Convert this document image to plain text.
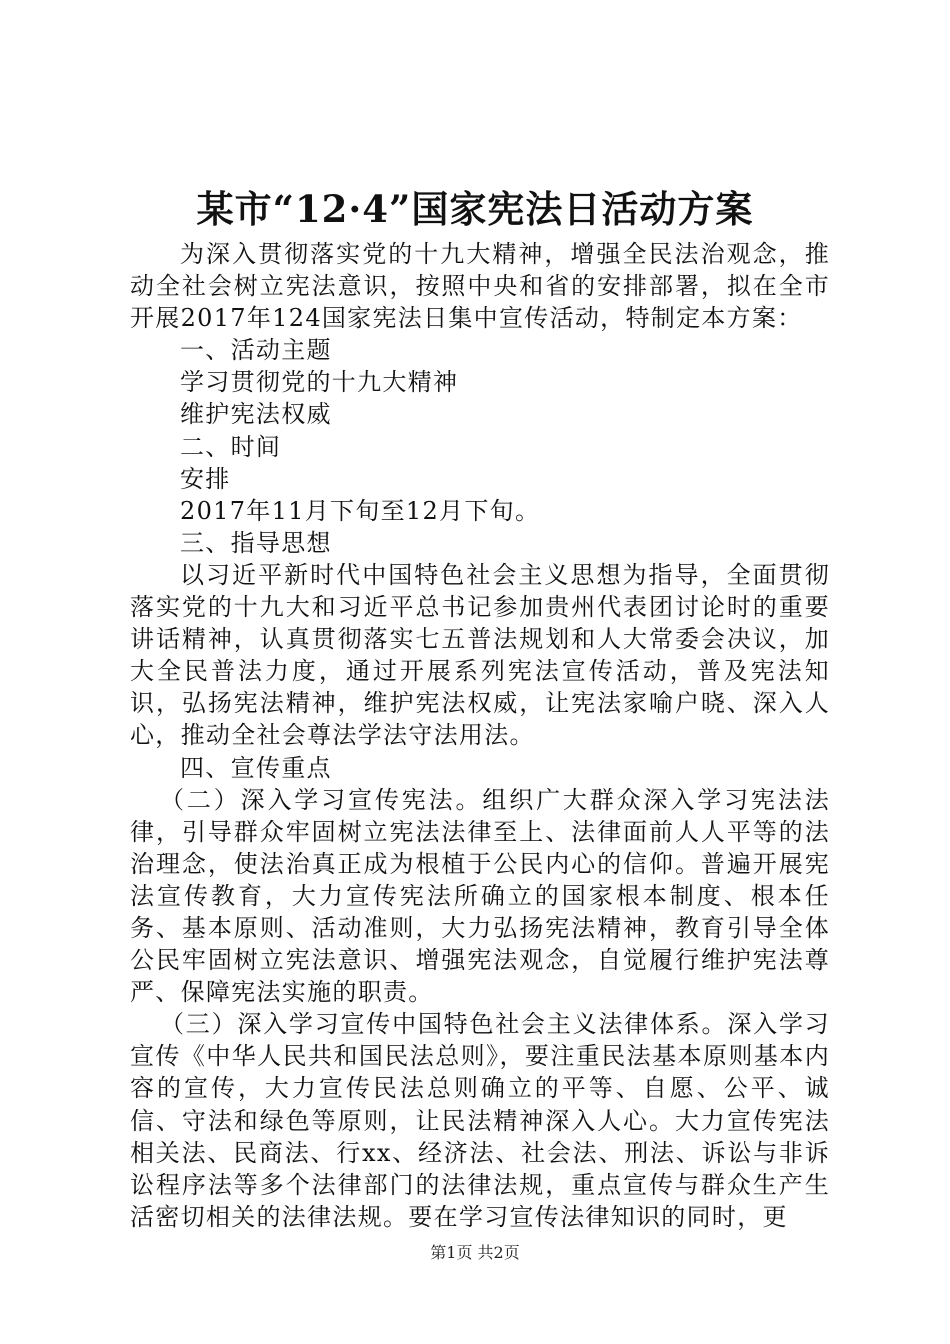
某市“12·4”国家宪法日活动方案

为深入贯彻落实党的十九大精神，增强全民法治观念，推动全社会树立宪法意识，按照中央和省的安排部署，拟在全市开展2017年124国家宪法日集中宣传活动，特制定本方案：

一、活动主题

学习贯彻党的十九大精神

维护宪法权威

二、时间

安排

2017年11月下旬至12月下旬。

三、指导思想

以习近平新时代中国特色社会主义思想为指导，全面贯彻落实党的十九大和习近平总书记参加贵州代表团讨论时的重要讲话精神，认真贯彻落实七五普法规划和人大常委会决议，加大全民普法力度，通过开展系列宪法宣传活动，普及宪法知识，弘扬宪法精神，维护宪法权威，让宪法家喻户晓、深入人心，推动全社会尊法学法守法用法。

四、宣传重点

（二）深入学习宣传宪法。组织广大群众深入学习宪法法律，引导群众牢固树立宪法法律至上、法律面前人人平等的法治理念，使法治真正成为根植于公民内心的信仰。普遍开展宪法宣传教育，大力宣传宪法所确立的国家根本制度、根本任务、基本原则、活动准则，大力弘扬宪法精神，教育引导全体公民牢固树立宪法意识、增强宪法观念，自觉履行维护宪法尊严、保障宪法实施的职责。

（三）深入学习宣传中国特色社会主义法律体系。深入学习宣传《中华人民共和国民法总则》，要注重民法基本原则基本内容的宣传，大力宣传民法总则确立的平等、自愿、公平、诚信、守法和绿色等原则，让民法精神深入人心。大力宣传宪法相关法、民商法、行xx、经济法、社会法、刑法、诉讼与非诉讼程序法等多个法律部门的法律法规，重点宣传与群众生产生活密切相关的法律法规。要在学习宣传法律知识的同时，更

第1页 共2页
